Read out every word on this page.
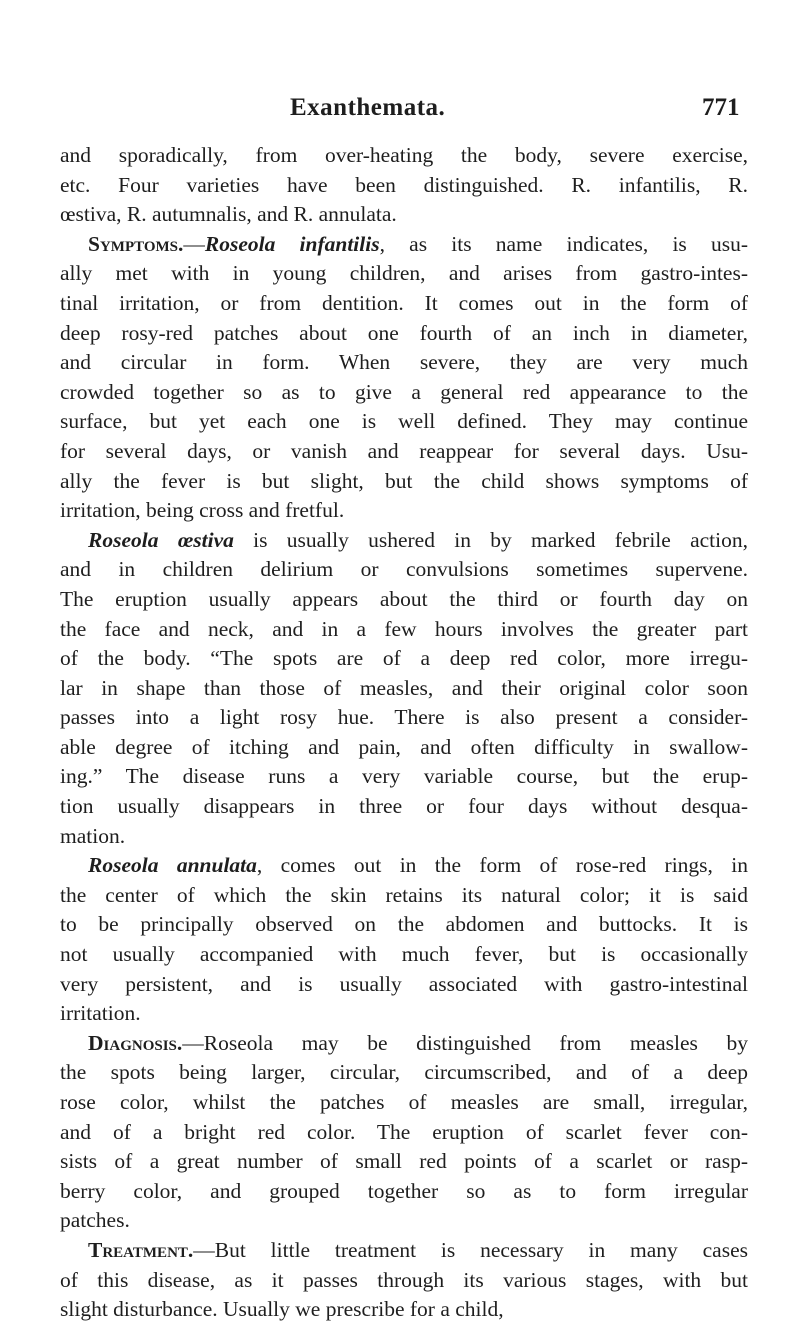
Exanthemata.	771
and sporadically, from over-heating the body, severe exercise,
etc. Four varieties have been distinguished. R. infantilis, R.
œstiva, R. autumnalis, and R. annulata.
Symptoms.—Roseola infantilis, as its name indicates, is usu-
ally met with in young children, and arises from gastro-intes-
tinal irritation, or from dentition. It comes out in the form of
deep rosy-red patches about one fourth of an inch in diameter,
and circular in form. When severe, they are very much
crowded together so as to give a general red appearance to the
surface, but yet each one is well defined. They may continue
for several days, or vanish and reappear for several days. Usu-
ally the fever is but slight, but the child shows symptoms of
irritation, being cross and fretful.
Roseola œstiva is usually ushered in by marked febrile action,
and in children delirium or convulsions sometimes supervene.
The eruption usually appears about the third or fourth day on
the face and neck, and in a few hours involves the greater part
of the body. “The spots are of a deep red color, more irregu-
lar in shape than those of measles, and their original color soon
passes into a light rosy hue. There is also present a consider-
able degree of itching and pain, and often difficulty in swallow-
ing.” The disease runs a very variable course, but the erup-
tion usually disappears in three or four days without desqua-
mation.
Roseola annulata, comes out in the form of rose-red rings, in
the center of which the skin retains its natural color; it is said
to be principally observed on the abdomen and buttocks. It is
not usually accompanied with much fever, but is occasionally
very persistent, and is usually associated with gastro-intestinal
irritation.
Diagnosis.—Roseola may be distinguished from measles by
the spots being larger, circular, circumscribed, and of a deep
rose color, whilst the patches of measles are small, irregular,
and of a bright red color. The eruption of scarlet fever con-
sists of a great number of small red points of a scarlet or rasp-
berry color, and grouped together so as to form irregular
patches.
Treatment.—But little treatment is necessary in many cases
of this disease, as it passes through its various stages, with but
slight disturbance. Usually we prescribe for a child,
